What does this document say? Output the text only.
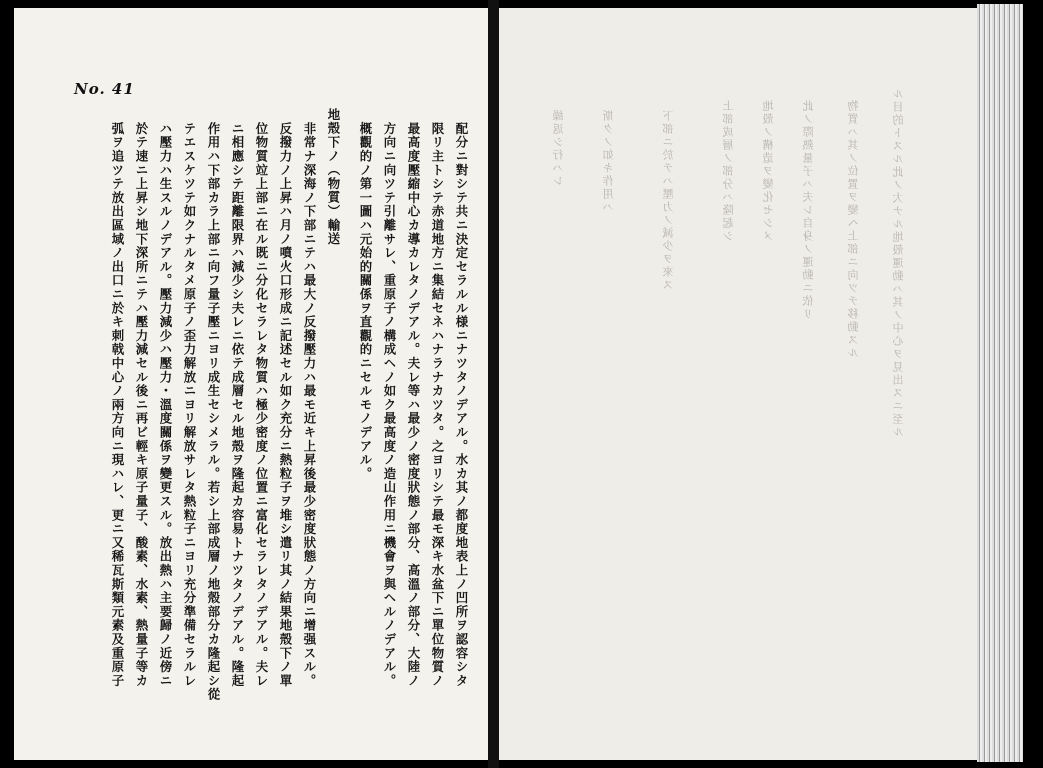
No. 41
配分ニ對シテ共ニ決定セラルル様ニナツタノデアル。水カ其ノ都度地表上ノ凹所ヲ認容シタ
限リ主トシテ赤道地方ニ集結セネハナラナカツタ。之ヨリシテ最モ深キ水盆下ニ單位物質ノ
最高度壓縮中心カ導カレタノデアル。夫レ等ハ最少ノ密度狀態ノ部分、高溫ノ部分、大陸ノ
方向ニ向ツテ引離サレ、重原子ノ構成ヘノ如ク最高度ノ造山作用ニ機會ヲ與ヘルノデアル。
概觀的ノ第一圖ハ元始的關係ヲ直觀的ニセルモノデアル。
地殼下ノ（物質）輸送
非常ナ深海ノ下部ニテハ最大ノ反撥壓力ハ最モ近キ上昇後最少密度狀態ノ方向ニ增强スル。
反撥力ノ上昇ハ月ノ噴火口形成ニ記述セル如ク充分ニ熱粒子ヲ堆シ遣リ其ノ結果地殼下ノ單
位物質竝上部ニ在ル既ニ分化セラレタ物質ハ極少密度ノ位置ニ富化セラレタノデアル。夫レ
ニ相應シテ距離限界ハ減少シ夫レニ依テ成層セル地殼ヲ隆起カ容易トナツタノデアル。隆起
作用ハ下部カラ上部ニ向フ量子壓ニヨリ成生セシメラル。若シ上部成層ノ地殼部分カ隆起シ從
テエスケツテ如クナルタメ原子ノ歪力解放ニヨリ解放サレタ熱粒子ニヨリ充分準備セラルレ
ハ壓力ハ生スルノデアル。壓力減少ハ壓力・溫度關係ヲ變更スル。放出熱ハ主要歸ノ近傍ニ
於テ速ニ上昇シ地下深所ニテハ壓力減セル後ニ再ビ輕キ原子量子、酸素、水素、熱量子等カ
弧ヲ追ツテ放出區域ノ出口ニ於キ刺戟中心ノ兩方向ニ現ハレ、更ニ又稀瓦斯類元素及重原子	ル目的トスル此ノ大ナル地殼運動ハ其ノ中心ヲ見出スニ至ル
物質ハ其ノ位置ヲ變ヘ上部ニ向ツテ移動スル
此ノ際熱量子ハ夫レ自身ノ運動ニ依リ
地殼ノ構造ヲ變化セシメ
上部成層ノ部分ハ隆起シ
下部ニ於テハ壓力ノ減少ヲ來ス
斯クノ如キ作用ハ
繰返シ行ハレ
